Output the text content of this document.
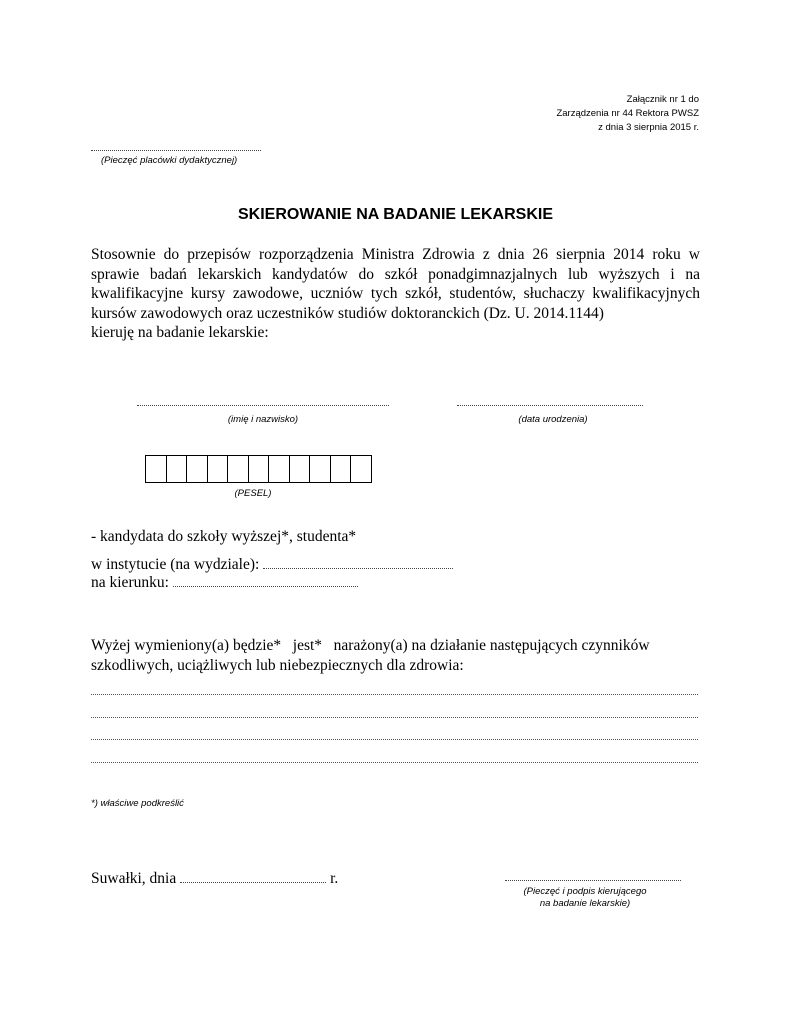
Załącznik nr 1 do
Zarządzenia nr 44 Rektora PWSZ
z dnia 3 sierpnia 2015 r.
(Pieczęć placówki dydaktycznej)
SKIEROWANIE NA BADANIE LEKARSKIE

Stosownie do przepisów rozporządzenia Ministra Zdrowia z dnia 26 sierpnia 2014 roku w sprawie badań lekarskich kandydatów do szkół ponadgimnazjalnych lub wyższych i na kwalifikacyjne kursy zawodowe, uczniów tych szkół, studentów, słuchaczy kwalifikacyjnych kursów zawodowych oraz uczestników studiów doktoranckich (Dz. U. 2014.1144)

kieruję na badanie lekarskie:

(imię i nazwisko)	(data urodzenia)
(PESEL)
- kandydata do szkoły wyższej*, studenta*
w instytucie (na wydziale):
na kierunku:
Wyżej wymieniony(a) będzie*   jest*   narażony(a) na działanie następujących czynników
szkodliwych, uciążliwych lub niebezpiecznych dla zdrowia:
*) właściwe podkreślić
Suwałki, dnia	r.
(Pieczęć i podpis kierującego
na badanie lekarskie)
